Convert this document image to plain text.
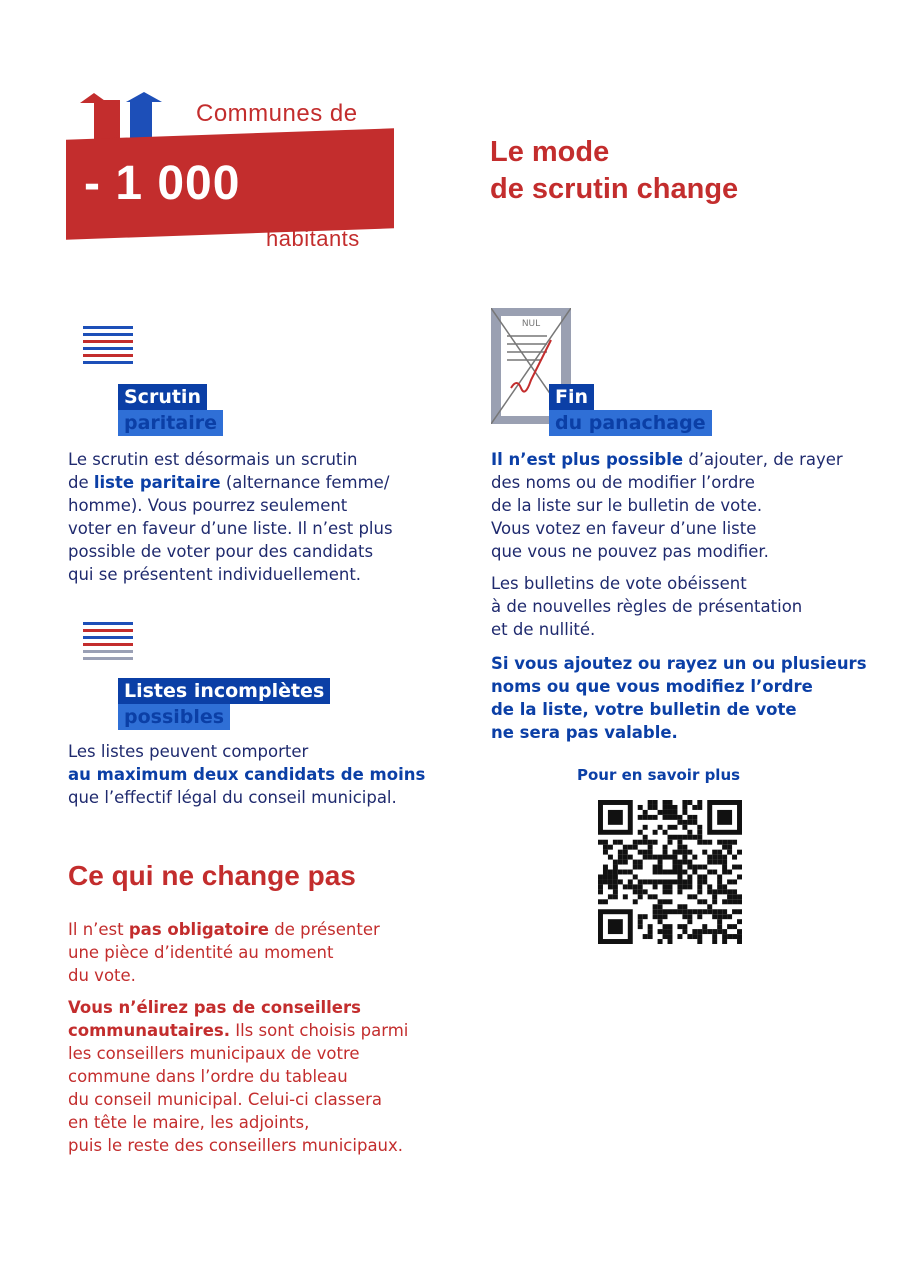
Communes de
- 1 000
habitants
Le mode
de scrutin change
Scrutin
paritaire
Le scrutin est désormais un scrutin
de liste paritaire (alternance femme/
homme). Vous pourrez seulement
voter en faveur d’une liste. Il n’est plus
possible de voter pour des candidats
qui se présentent individuellement.
Listes incomplètes
possibles
Les listes peuvent comporter
au maximum deux candidats de moins
que l’effectif légal du conseil municipal.
Ce qui ne change pas
Il n’est pas obligatoire de présenter
une pièce d’identité au moment
du vote.
Vous n’élirez pas de conseillers
communautaires. Ils sont choisis parmi
les conseillers municipaux de votre
commune dans l’ordre du tableau
du conseil municipal. Celui-ci classera
en tête le maire, les adjoints,
puis le reste des conseillers municipaux.
NUL
Fin
du panachage
Il n’est plus possible d’ajouter, de rayer
des noms ou de modifier l’ordre
de la liste sur le bulletin de vote.
Vous votez en faveur d’une liste
que vous ne pouvez pas modifier.
Les bulletins de vote obéissent
à de nouvelles règles de présentation
et de nullité.
Si vous ajoutez ou rayez un ou plusieurs
noms ou que vous modifiez l’ordre
de la liste, votre bulletin de vote
ne sera pas valable.
Pour en savoir plus
